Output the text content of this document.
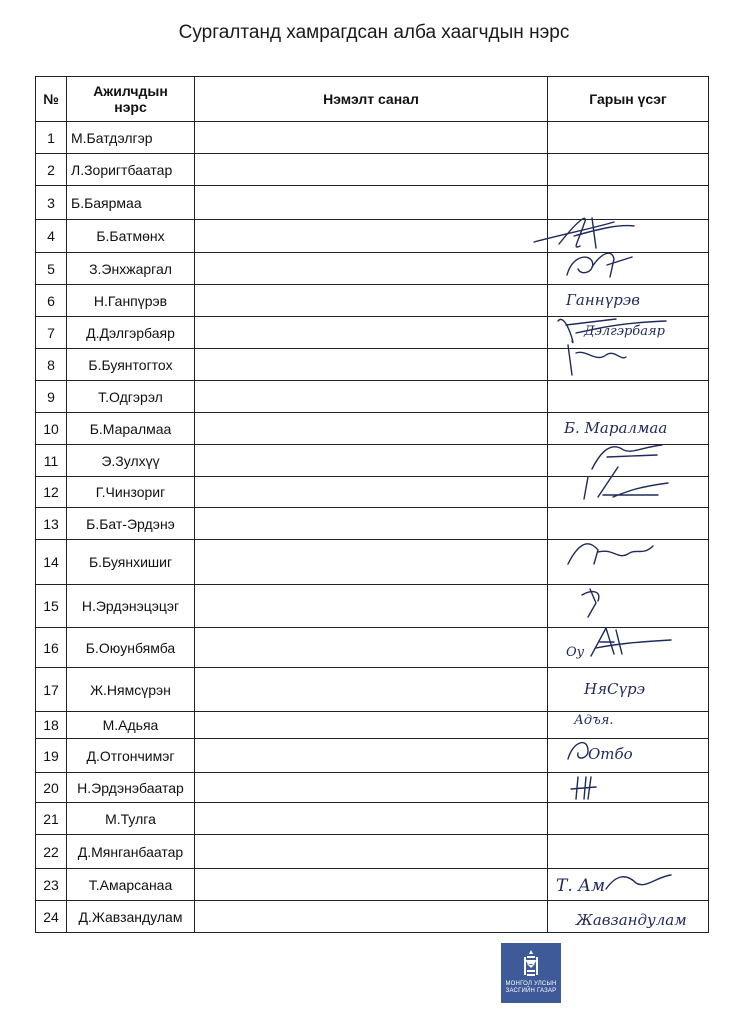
Сургалтанд хамрагдсан алба хаагчдын нэрс
№	Ажилчдын
нэрс	Нэмэлт санал	Гарын үсэг
1	М.Батдэлгэр		
2	Л.Зоригтбаатар		
3	Б.Баярмаа		
4	Б.Батмөнх		

5	З.Энхжаргал		

6	Н.Ганпүрэв		Ганнүрэв

7	Д.Дэлгэрбаяр		Дэлгэрбаяр

8	Б.Буянтогтох		

9	Т.Одгэрэл		
10	Б.Маралмаа		Б. Маралмаа

11	Э.Зулхүү		

12	Г.Чинзориг		

13	Б.Бат-Эрдэнэ		
14	Б.Буянхишиг		

15	Н.Эрдэнэцэцэг		

16	Б.Оюунбямба		Оу

17	Ж.Нямсүрэн		НяСүрэ

18	М.Адьяа		Адъя.

19	Д.Отгончимэг		Отбо

20	Н.Эрдэнэбаатар		

21	М.Тулга		
22	Д.Мянганбаатар		
23	Т.Амарсанаа		Т. Ам

24	Д.Жавзандулам		Жавзандулам
МОНГОЛ УЛСЫН
ЗАСГИЙН ГАЗАР
